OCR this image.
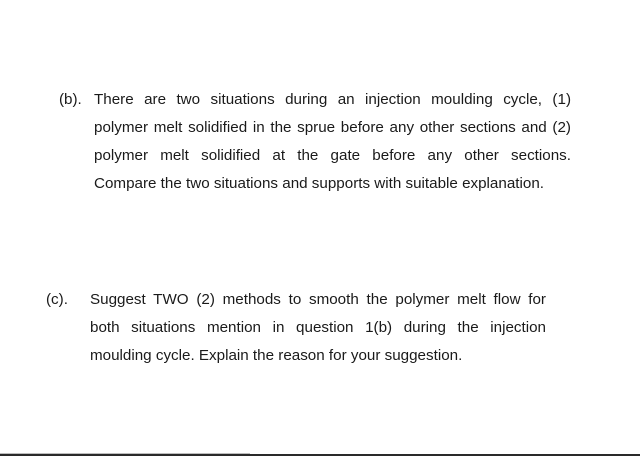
(b). There are two situations during an injection moulding cycle, (1)
polymer melt solidified in the sprue before any other sections and (2)
polymer melt solidified at the gate before any other sections.
Compare the two situations and supports with suitable explanation.
(c). Suggest TWO (2) methods to smooth the polymer melt flow for
both situations mention in question 1(b) during the injection
moulding cycle. Explain the reason for your suggestion.
